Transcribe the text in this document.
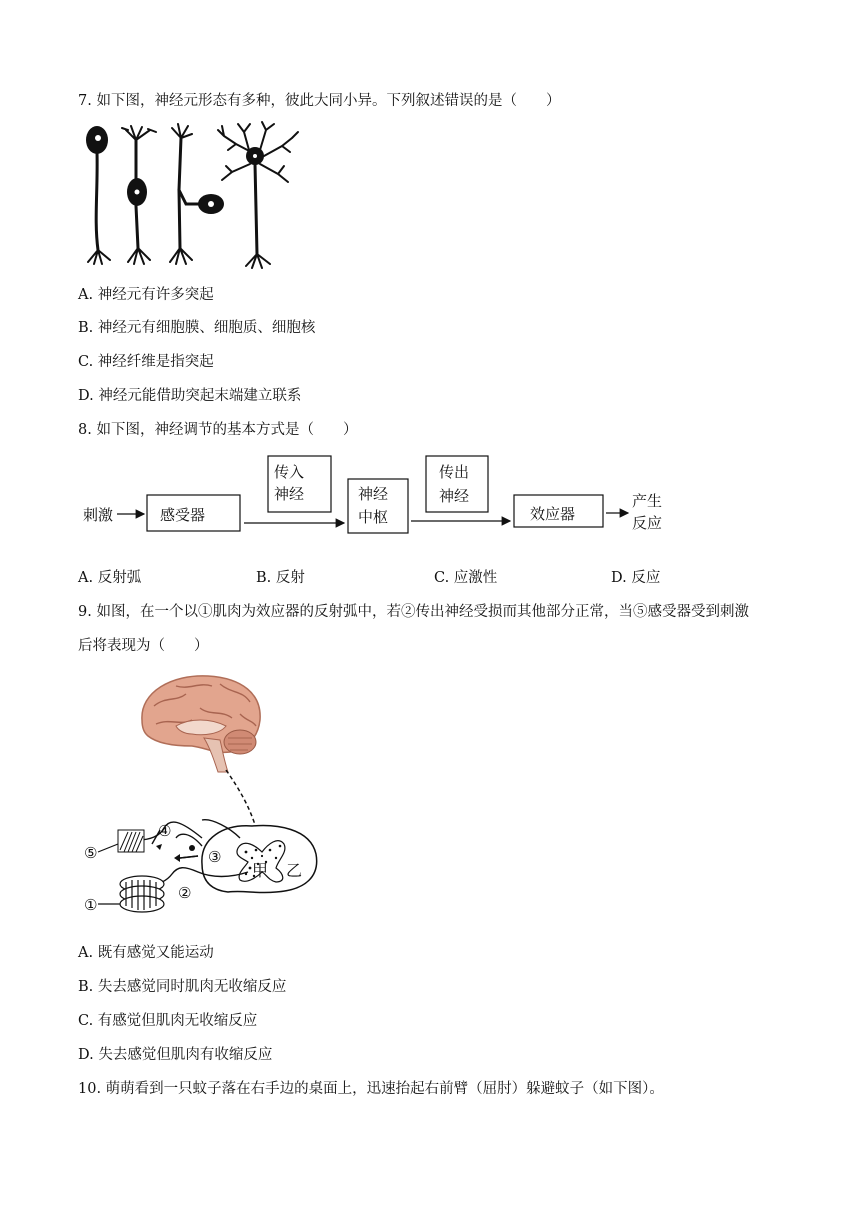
7. 如下图，神经元形态有多种，彼此大同小异。下列叙述错误的是（　　）
A. 神经元有许多突起
B. 神经元有细胞膜、细胞质、细胞核
C. 神经纤维是指突起
D. 神经元能借助突起末端建立联系
8. 如下图，神经调节的基本方式是（　　）
刺激	感受器
传入
神经	神经
中枢
传出
神经
效应器
产生
反应
A. 反射弧	B. 反射	C. 应激性	D. 反应
9. 如图，在一个以①肌肉为效应器的反射弧中，若②传出神经受损而其他部分正常，当⑤感受器受到刺激
后将表现为（　　）
⑤
④
③
②
①
甲 乙
A. 既有感觉又能运动
B. 失去感觉同时肌肉无收缩反应
C. 有感觉但肌肉无收缩反应
D. 失去感觉但肌肉有收缩反应
10. 萌萌看到一只蚊子落在右手边的桌面上，迅速抬起右前臂（屈肘）躲避蚊子（如下图）。
